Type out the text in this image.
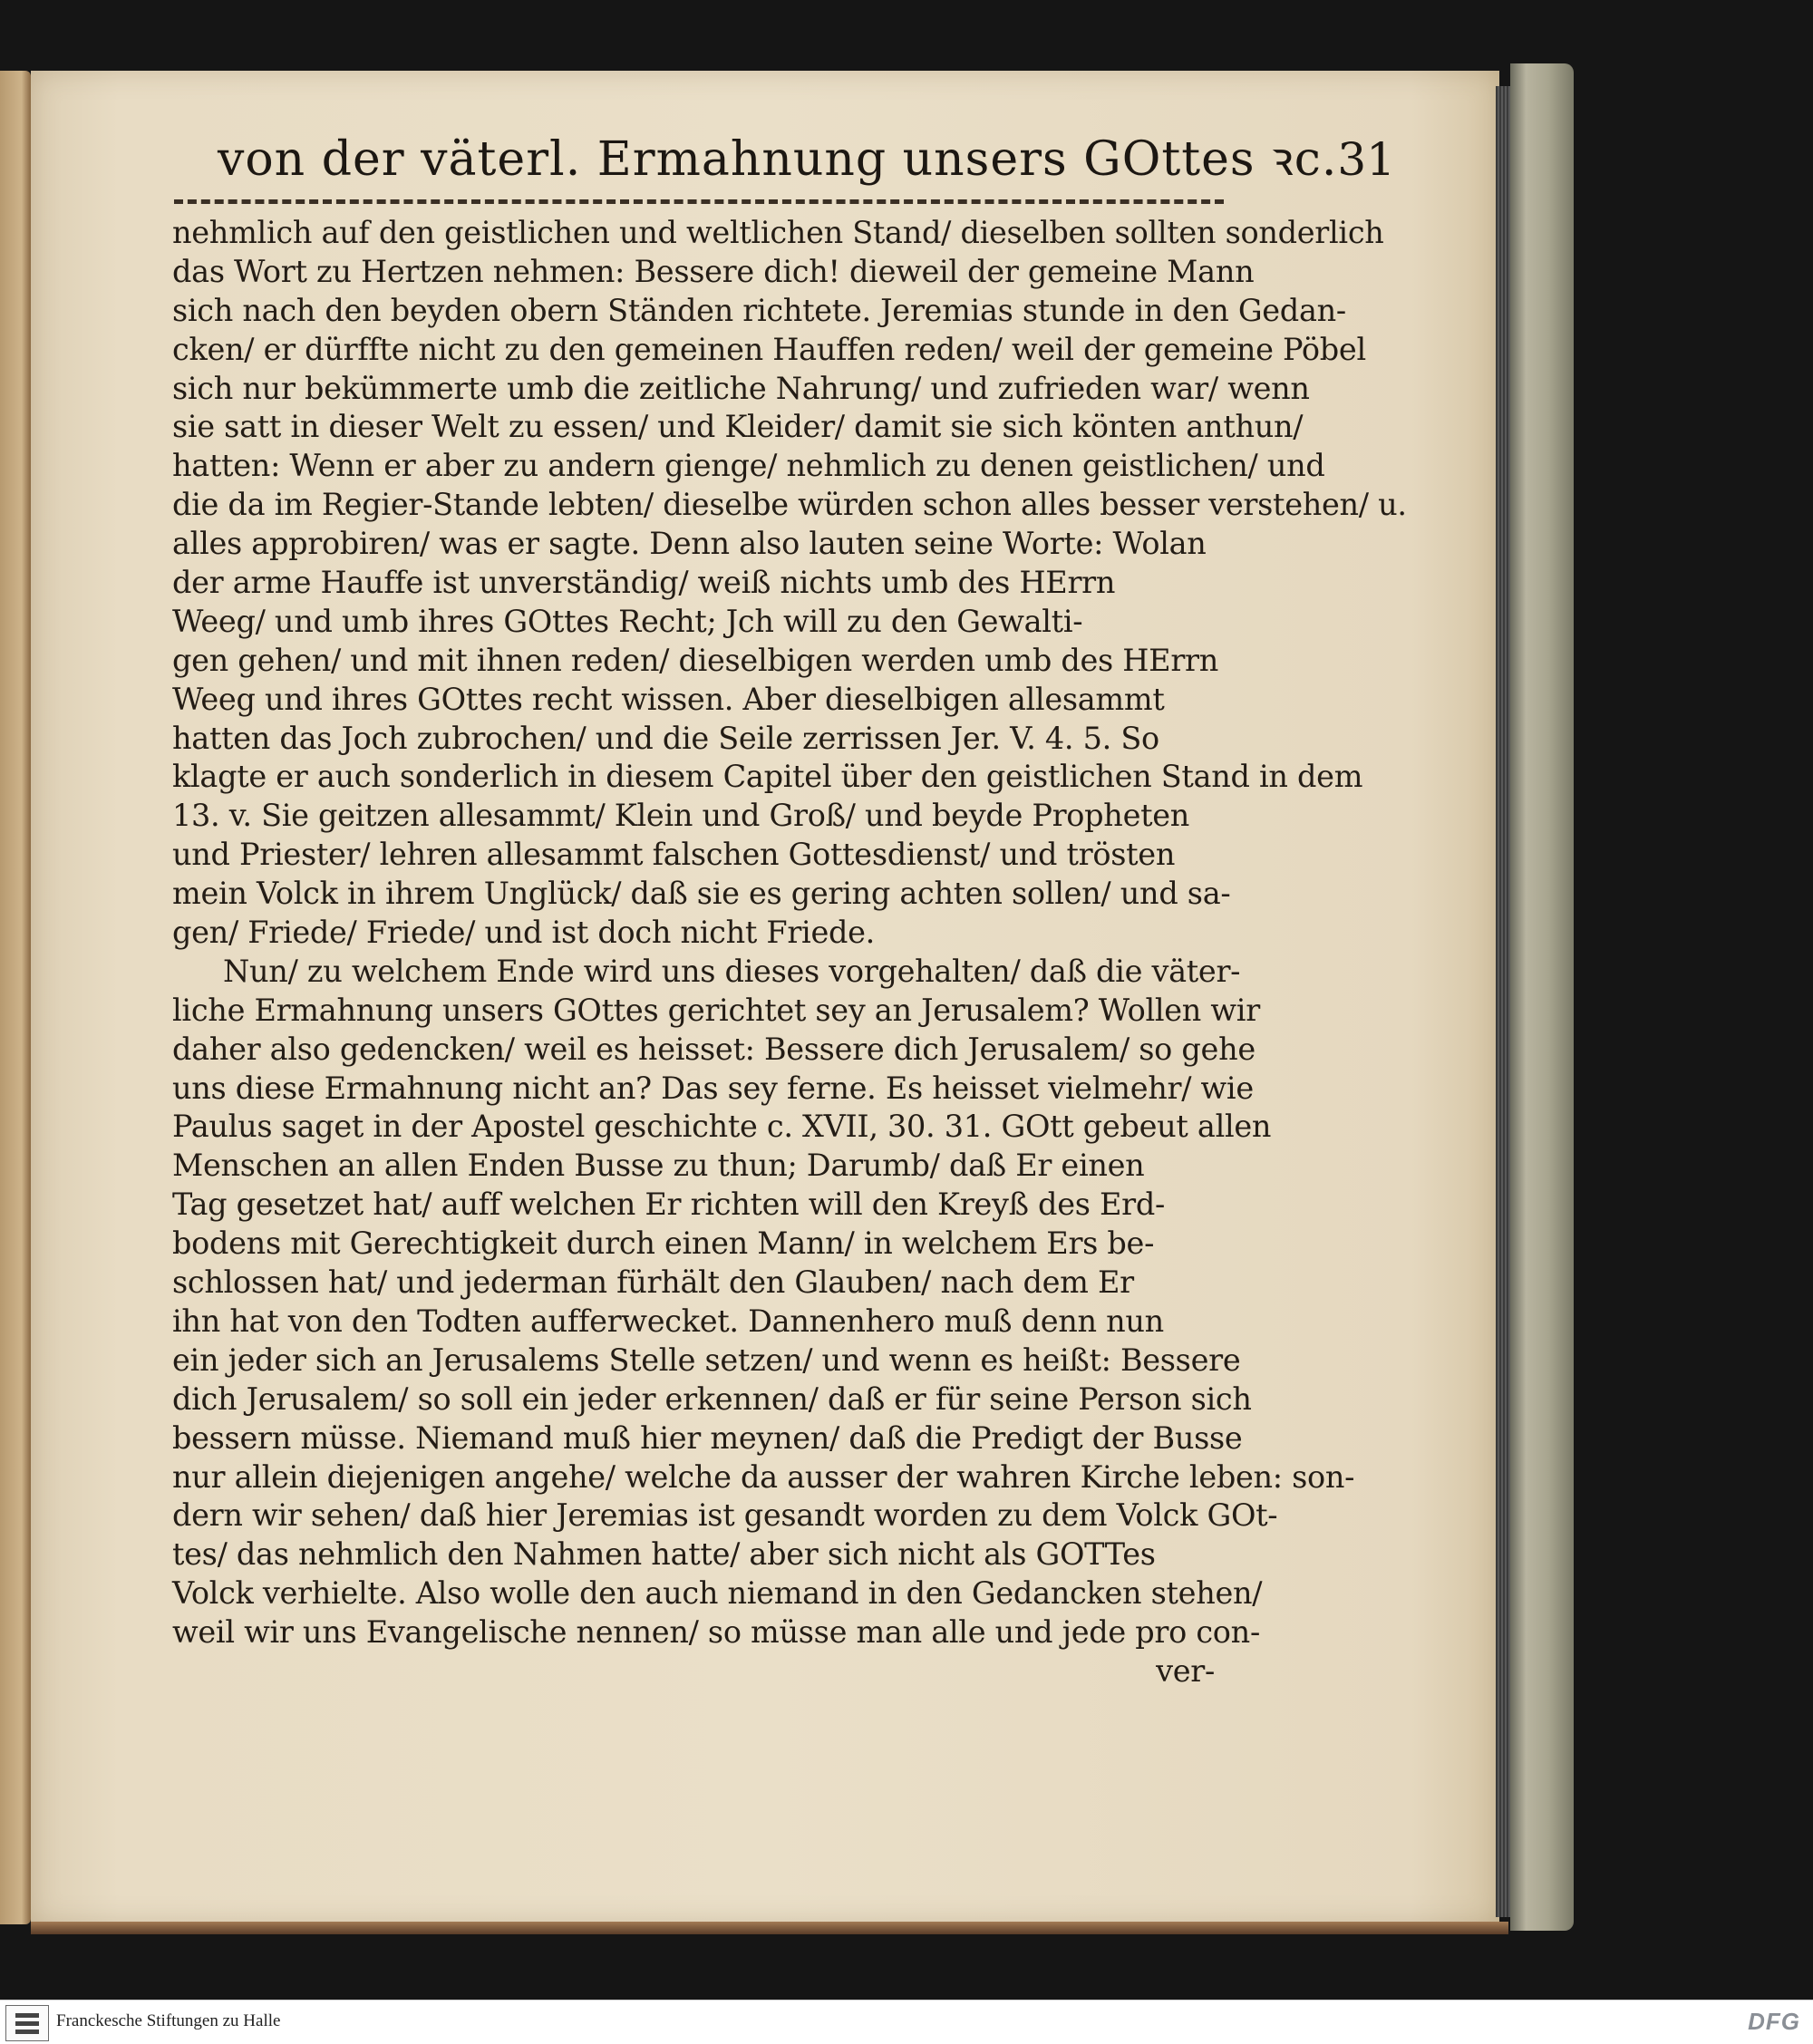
von der väterl. Ermahnung unsers GOttes ꝛc. 31
nehmlich auf den geistlichen und weltlichen Stand/ dieselben sollten sonderlich
das Wort zu Hertzen nehmen: Bessere dich! dieweil der gemeine Mann
sich nach den beyden obern Ständen richtete. Jeremias stunde in den Gedan-
cken/ er dürffte nicht zu den gemeinen Hauffen reden/ weil der gemeine Pöbel
sich nur bekümmerte umb die zeitliche Nahrung/ und zufrieden war/ wenn
sie satt in dieser Welt zu essen/ und Kleider/ damit sie sich könten anthun/
hatten: Wenn er aber zu andern gienge/ nehmlich zu denen geistlichen/ und
die da im Regier-Stande lebten/ dieselbe würden schon alles besser verstehen/ u.
alles approbiren/ was er sagte. Denn also lauten seine Worte: Wolan
der arme Hauffe ist unverständig/ weiß nichts umb des HErrn
Weeg/ und umb ihres GOttes Recht; Jch will zu den Gewalti-
gen gehen/ und mit ihnen reden/ dieselbigen werden umb des HErrn
Weeg und ihres GOttes recht wissen. Aber dieselbigen allesammt
hatten das Joch zubrochen/ und die Seile zerrissen Jer. V. 4. 5. So
klagte er auch sonderlich in diesem Capitel über den geistlichen Stand in dem
13. v. Sie geitzen allesammt/ Klein und Groß/ und beyde Propheten
und Priester/ lehren allesammt falschen Gottesdienst/ und trösten
mein Volck in ihrem Unglück/ daß sie es gering achten sollen/ und sa-
gen/ Friede/ Friede/ und ist doch nicht Friede.
Nun/ zu welchem Ende wird uns dieses vorgehalten/ daß die väter-
liche Ermahnung unsers GOttes gerichtet sey an Jerusalem? Wollen wir
daher also gedencken/ weil es heisset: Bessere dich Jerusalem/ so gehe
uns diese Ermahnung nicht an? Das sey ferne. Es heisset vielmehr/ wie
Paulus saget in der Apostel geschichte c. XVII, 30. 31. GOtt gebeut allen
Menschen an allen Enden Busse zu thun; Darumb/ daß Er einen
Tag gesetzet hat/ auff welchen Er richten will den Kreyß des Erd-
bodens mit Gerechtigkeit durch einen Mann/ in welchem Ers be-
schlossen hat/ und jederman fürhält den Glauben/ nach dem Er
ihn hat von den Todten aufferwecket. Dannenhero muß denn nun
ein jeder sich an Jerusalems Stelle setzen/ und wenn es heißt: Bessere
dich Jerusalem/ so soll ein jeder erkennen/ daß er für seine Person sich
bessern müsse. Niemand muß hier meynen/ daß die Predigt der Busse
nur allein diejenigen angehe/ welche da ausser der wahren Kirche leben: son-
dern wir sehen/ daß hier Jeremias ist gesandt worden zu dem Volck GOt-
tes/ das nehmlich den Nahmen hatte/ aber sich nicht als GOTTes
Volck verhielte. Also wolle den auch niemand in den Gedancken stehen/
weil wir uns Evangelische nennen/ so müsse man alle und jede pro con-
ver-
Franckesche Stiftungen zu Halle	DFG
